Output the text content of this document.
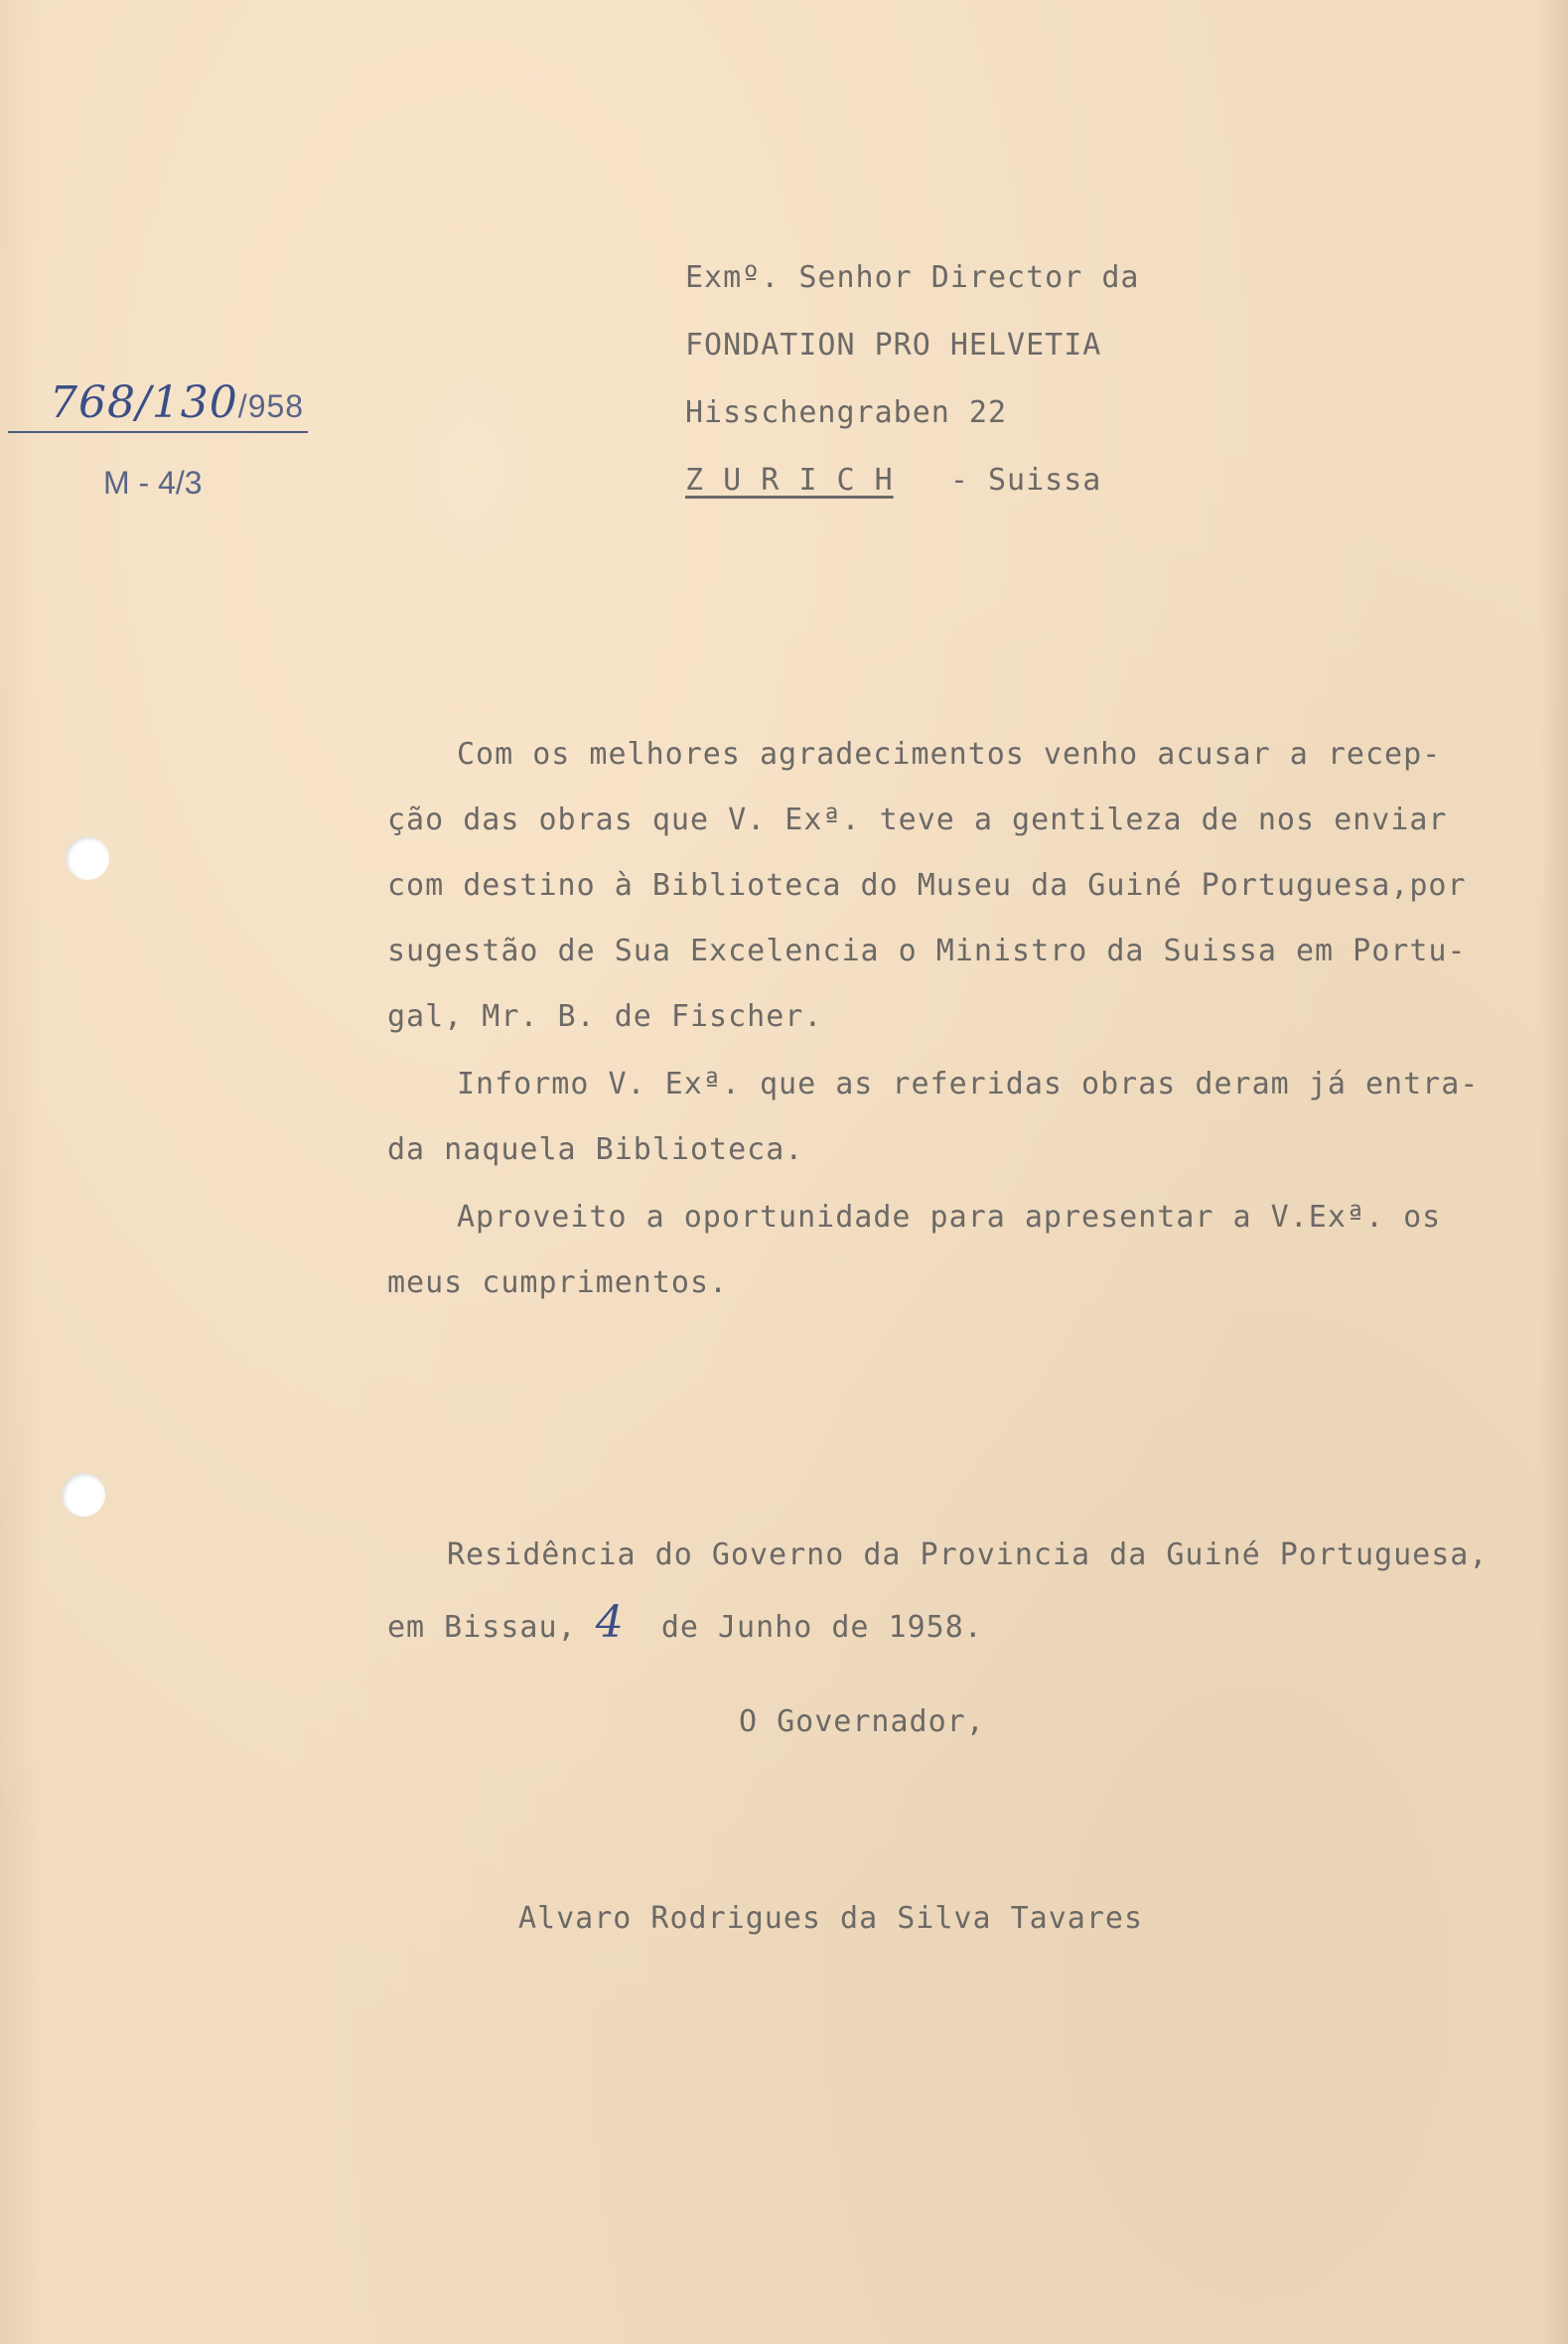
768/130/958
M - 4/3

Exmº. Senhor Director da

FONDATION PRO HELVETIA

Hisschengraben 22

Z U R I C H - Suissa

Com os melhores agradecimentos venho acusar a recep-

ção das obras que V. Exª. teve a gentileza de nos enviar

com destino à Biblioteca do Museu da Guiné Portuguesa,por

sugestão de Sua Excelencia o Ministro da Suissa em Portu-

gal, Mr. B. de Fischer.

Informo V. Exª. que as referidas obras deram já entra-

da naquela Biblioteca.

Aproveito a oportunidade para apresentar a V.Exª. os

meus cumprimentos.

Residência do Governo da Provincia da Guiné Portuguesa,

em Bissau, 4 de Junho de 1958.

O Governador,

Alvaro Rodrigues da Silva Tavares
